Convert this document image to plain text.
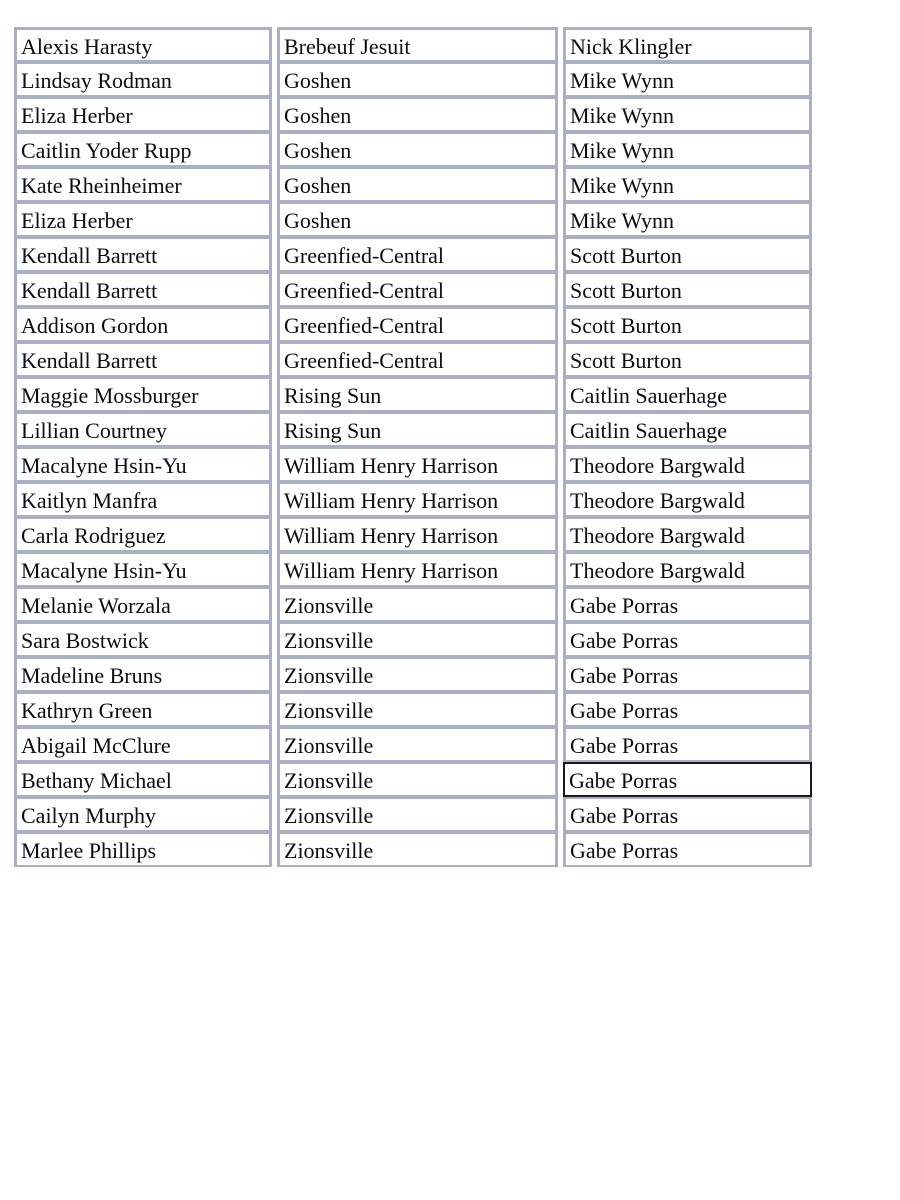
Alexis Harasty	Brebeuf Jesuit	Nick Klingler
Lindsay Rodman	Goshen	Mike Wynn
Eliza Herber	Goshen	Mike Wynn
Caitlin Yoder Rupp	Goshen	Mike Wynn
Kate Rheinheimer	Goshen	Mike Wynn
Eliza Herber	Goshen	Mike Wynn
Kendall Barrett	Greenfied-Central	Scott Burton
Kendall Barrett	Greenfied-Central	Scott Burton
Addison Gordon	Greenfied-Central	Scott Burton
Kendall Barrett	Greenfied-Central	Scott Burton
Maggie Mossburger	Rising Sun	Caitlin Sauerhage
Lillian Courtney	Rising Sun	Caitlin Sauerhage
Macalyne Hsin-Yu	William Henry Harrison	Theodore Bargwald
Kaitlyn Manfra	William Henry Harrison	Theodore Bargwald
Carla Rodriguez	William Henry Harrison	Theodore Bargwald
Macalyne Hsin-Yu	William Henry Harrison	Theodore Bargwald
Melanie Worzala	Zionsville	Gabe Porras
Sara Bostwick	Zionsville	Gabe Porras
Madeline Bruns	Zionsville	Gabe Porras
Kathryn Green	Zionsville	Gabe Porras
Abigail McClure	Zionsville	Gabe Porras
Bethany Michael	Zionsville	Gabe Porras
Cailyn Murphy	Zionsville	Gabe Porras
Marlee Phillips	Zionsville	Gabe Porras
